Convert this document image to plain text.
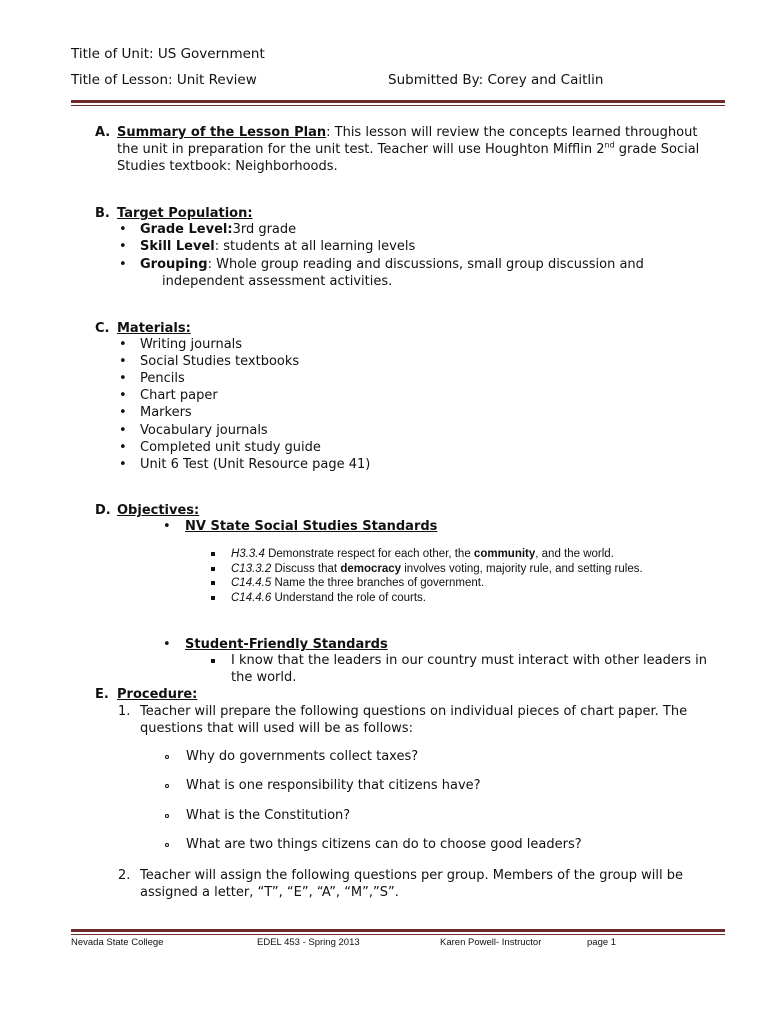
Title of Unit: US Government
Title of Lesson: Unit Review	Submitted By: Corey and Caitlin
A. Summary of the Lesson Plan: This lesson will review the concepts learned throughout the unit in preparation for the unit test. Teacher will use Houghton Mifflin 2nd grade Social Studies textbook: Neighborhoods.
B. Target Population:
• Grade Level:3rd grade
• Skill Level: students at all learning levels
• Grouping: Whole group reading and discussions, small group discussion and
independent assessment activities.
C. Materials:
• Writing journals
• Social Studies textbooks
• Pencils
• Chart paper
• Markers
• Vocabulary journals
• Completed unit study guide
• Unit 6 Test (Unit Resource page 41)
D. Objectives:
• NV State Social Studies Standards
H3.3.4 Demonstrate respect for each other, the community, and the world.
C13.3.2 Discuss that democracy involves voting, majority rule, and setting rules.
C14.4.5 Name the three branches of government.
C14.4.6 Understand the role of courts.
• Student-Friendly Standards
I know that the leaders in our country must interact with other leaders in
the world.
E. Procedure:
1. Teacher will prepare the following questions on individual pieces of chart paper. The
questions that will used will be as follows:
Why do governments collect taxes?
What is one responsibility that citizens have?
What is the Constitution?
What are two things citizens can do to choose good leaders?
2. Teacher will assign the following questions per group. Members of the group will be
assigned a letter, “T”, “E”, “A”, “M”,”S”.
Nevada State College	EDEL 453 - Spring 2013	Karen Powell- Instructor	page 1
